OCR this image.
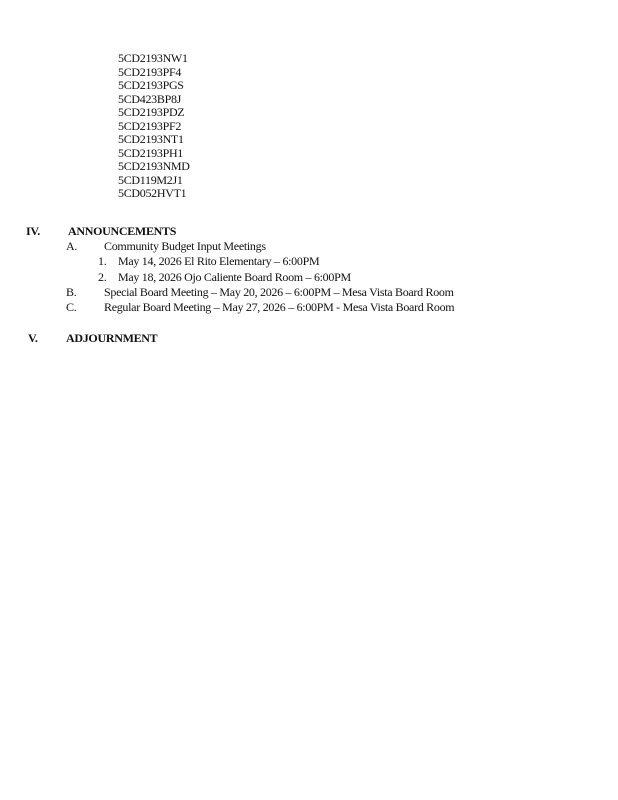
5CD2193NW1
5CD2193PF4
5CD2193PGS
5CD423BP8J
5CD2193PDZ
5CD2193PF2
5CD2193NT1
5CD2193PH1
5CD2193NMD
5CD119M2J1
5CD052HVT1
IV. ANNOUNCEMENTS
A. Community Budget Input Meetings
1. May 14, 2026 El Rito Elementary – 6:00PM
2. May 18, 2026 Ojo Caliente Board Room – 6:00PM
B. Special Board Meeting – May 20, 2026 – 6:00PM – Mesa Vista Board Room
C. Regular Board Meeting – May 27, 2026 – 6:00PM - Mesa Vista Board Room
V. ADJOURNMENT
